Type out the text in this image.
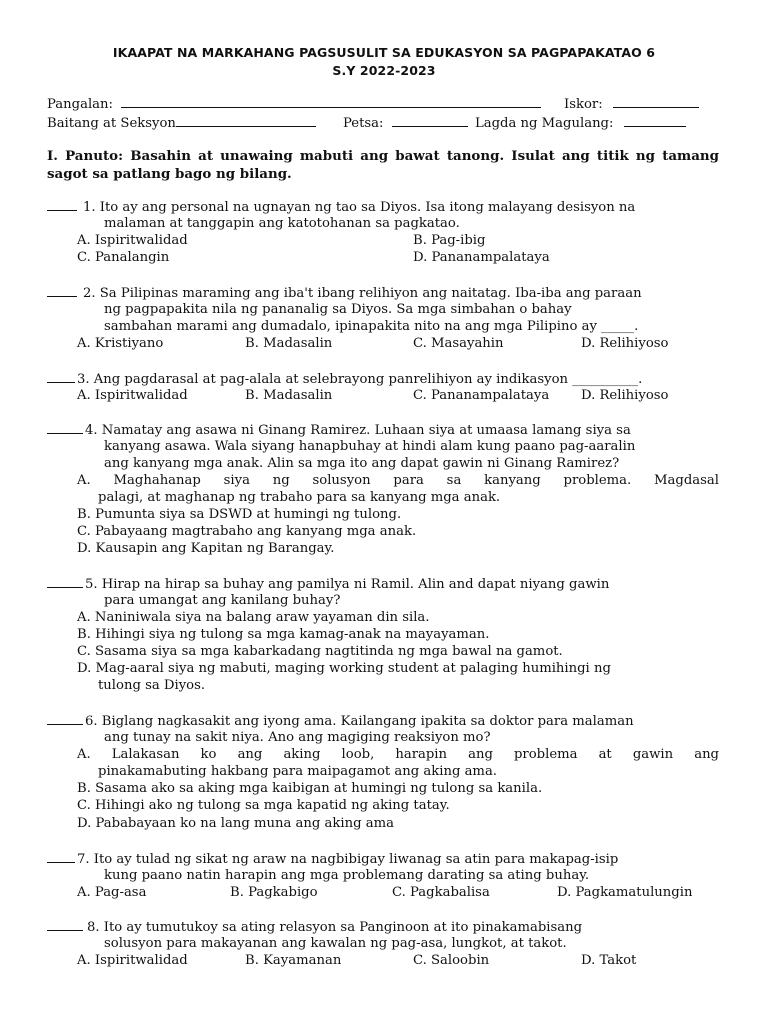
IKAAPAT NA MARKAHANG PAGSUSULIT SA EDUKASYON SA PAGPAPAKATAO 6
S.Y 2022-2023
Pangalan:	Iskor:
Baitang at Seksyon	Petsa:	Lagda ng Magulang:
I. Panuto: Basahin at unawaing mabuti ang bawat tanong. Isulat ang titik ng tamang sagot sa patlang bago ng bilang.
1. Ito ay ang personal na ugnayan ng tao sa Diyos. Isa itong malayang desisyon na
malaman at tanggapin ang katotohanan sa pagkatao.
A. Ispiritwalidad	B. Pag-ibig
C. Panalangin	D. Pananampalataya
2. Sa Pilipinas maraming ang iba't ibang relihiyon ang naitatag. Iba-iba ang paraan
ng pagpapakita nila ng pananalig sa Diyos. Sa mga simbahan o bahay
sambahan marami ang dumadalo, ipinapakita nito na ang mga Pilipino ay _____.
A. Kristiyano	B. Madasalin	C. Masayahin	D. Relihiyoso
3. Ang pagdarasal at pag-alala at selebrayong panrelihiyon ay indikasyon __________.
A. Ispiritwalidad	B. Madasalin	C. Pananampalataya D. Relihiyoso
4. Namatay ang asawa ni Ginang Ramirez. Luhaan siya at umaasa lamang siya sa
kanyang asawa. Wala siyang hanapbuhay at hindi alam kung paano pag-aaralin
ang kanyang mga anak. Alin sa mga ito ang dapat gawin ni Ginang Ramirez?
A. Maghahanap siya ng solusyon para sa kanyang problema. Magdasal
palagi, at maghanap ng trabaho para sa kanyang mga anak.
B. Pumunta siya sa DSWD at humingi ng tulong.
C. Pabayaang magtrabaho ang kanyang mga anak.
D. Kausapin ang Kapitan ng Barangay.
5. Hirap na hirap sa buhay ang pamilya ni Ramil. Alin and dapat niyang gawin
para umangat ang kanilang buhay?
A. Naniniwala siya na balang araw yayaman din sila.
B. Hihingi siya ng tulong sa mga kamag-anak na mayayaman.
C. Sasama siya sa mga kabarkadang nagtitinda ng mga bawal na gamot.
D. Mag-aaral siya ng mabuti, maging working student at palaging humihingi ng
tulong sa Diyos.
6. Biglang nagkasakit ang iyong ama. Kailangang ipakita sa doktor para malaman
ang tunay na sakit niya. Ano ang magiging reaksiyon mo?
A. Lalakasan ko ang aking loob, harapin ang problema at gawin ang
pinakamabuting hakbang para maipagamot ang aking ama.
B. Sasama ako sa aking mga kaibigan at humingi ng tulong sa kanila.
C. Hihingi ako ng tulong sa mga kapatid ng aking tatay.
D. Pababayaan ko na lang muna ang aking ama
7. Ito ay tulad ng sikat ng araw na nagbibigay liwanag sa atin para makapag-isip
kung paano natin harapin ang mga problemang darating sa ating buhay.
A. Pag-asa	B. Pagkabigo	C. Pagkabalisa	D. Pagkamatulungin
8. Ito ay tumutukoy sa ating relasyon sa Panginoon at ito pinakamabisang
solusyon para makayanan ang kawalan ng pag-asa, lungkot, at takot.
A. Ispiritwalidad	B. Kayamanan	C. Saloobin	D. Takot
